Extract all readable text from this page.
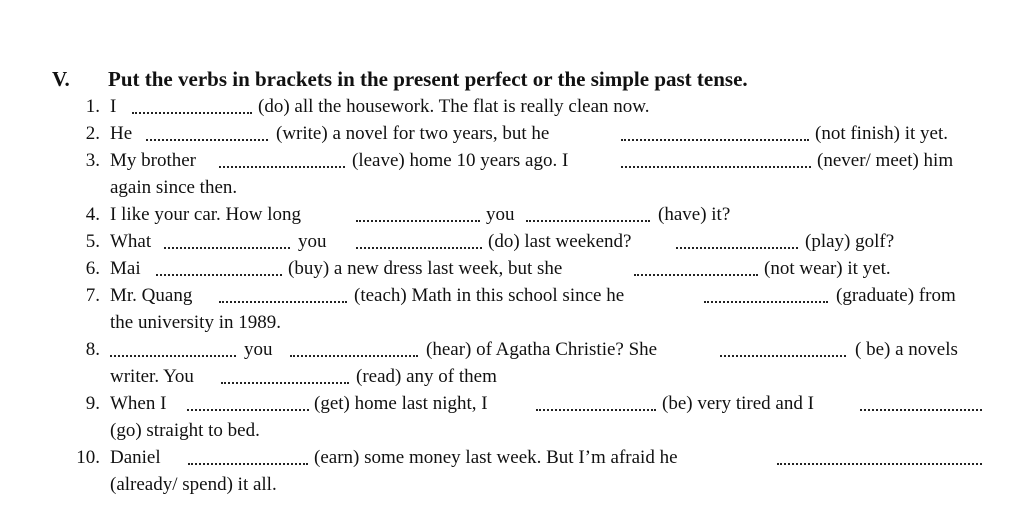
V. Put the verbs in brackets in the present perfect or the simple past tense.
1. I	(do) all the housework. The flat is really clean now.
2. He	(write) a novel for two years, but he	(not finish) it yet.
3. My brother	(leave) home 10 years ago. I	(never/ meet) him
again since then.
4. I like your car. How long	you	(have) it?
5. What	you	(do) last weekend?	(play) golf?
6. Mai	(buy) a new dress last week, but she	(not wear) it yet.
7. Mr. Quang	(teach) Math in this school since he	(graduate) from
the university in 1989.
8.	you	(hear) of Agatha Christie? She	( be) a novels
writer. You	(read) any of them
9. When I	(get) home last night, I	(be) very tired and I
(go) straight to bed.
10. Daniel	(earn) some money last week. But I’m afraid he
(already/ spend) it all.
